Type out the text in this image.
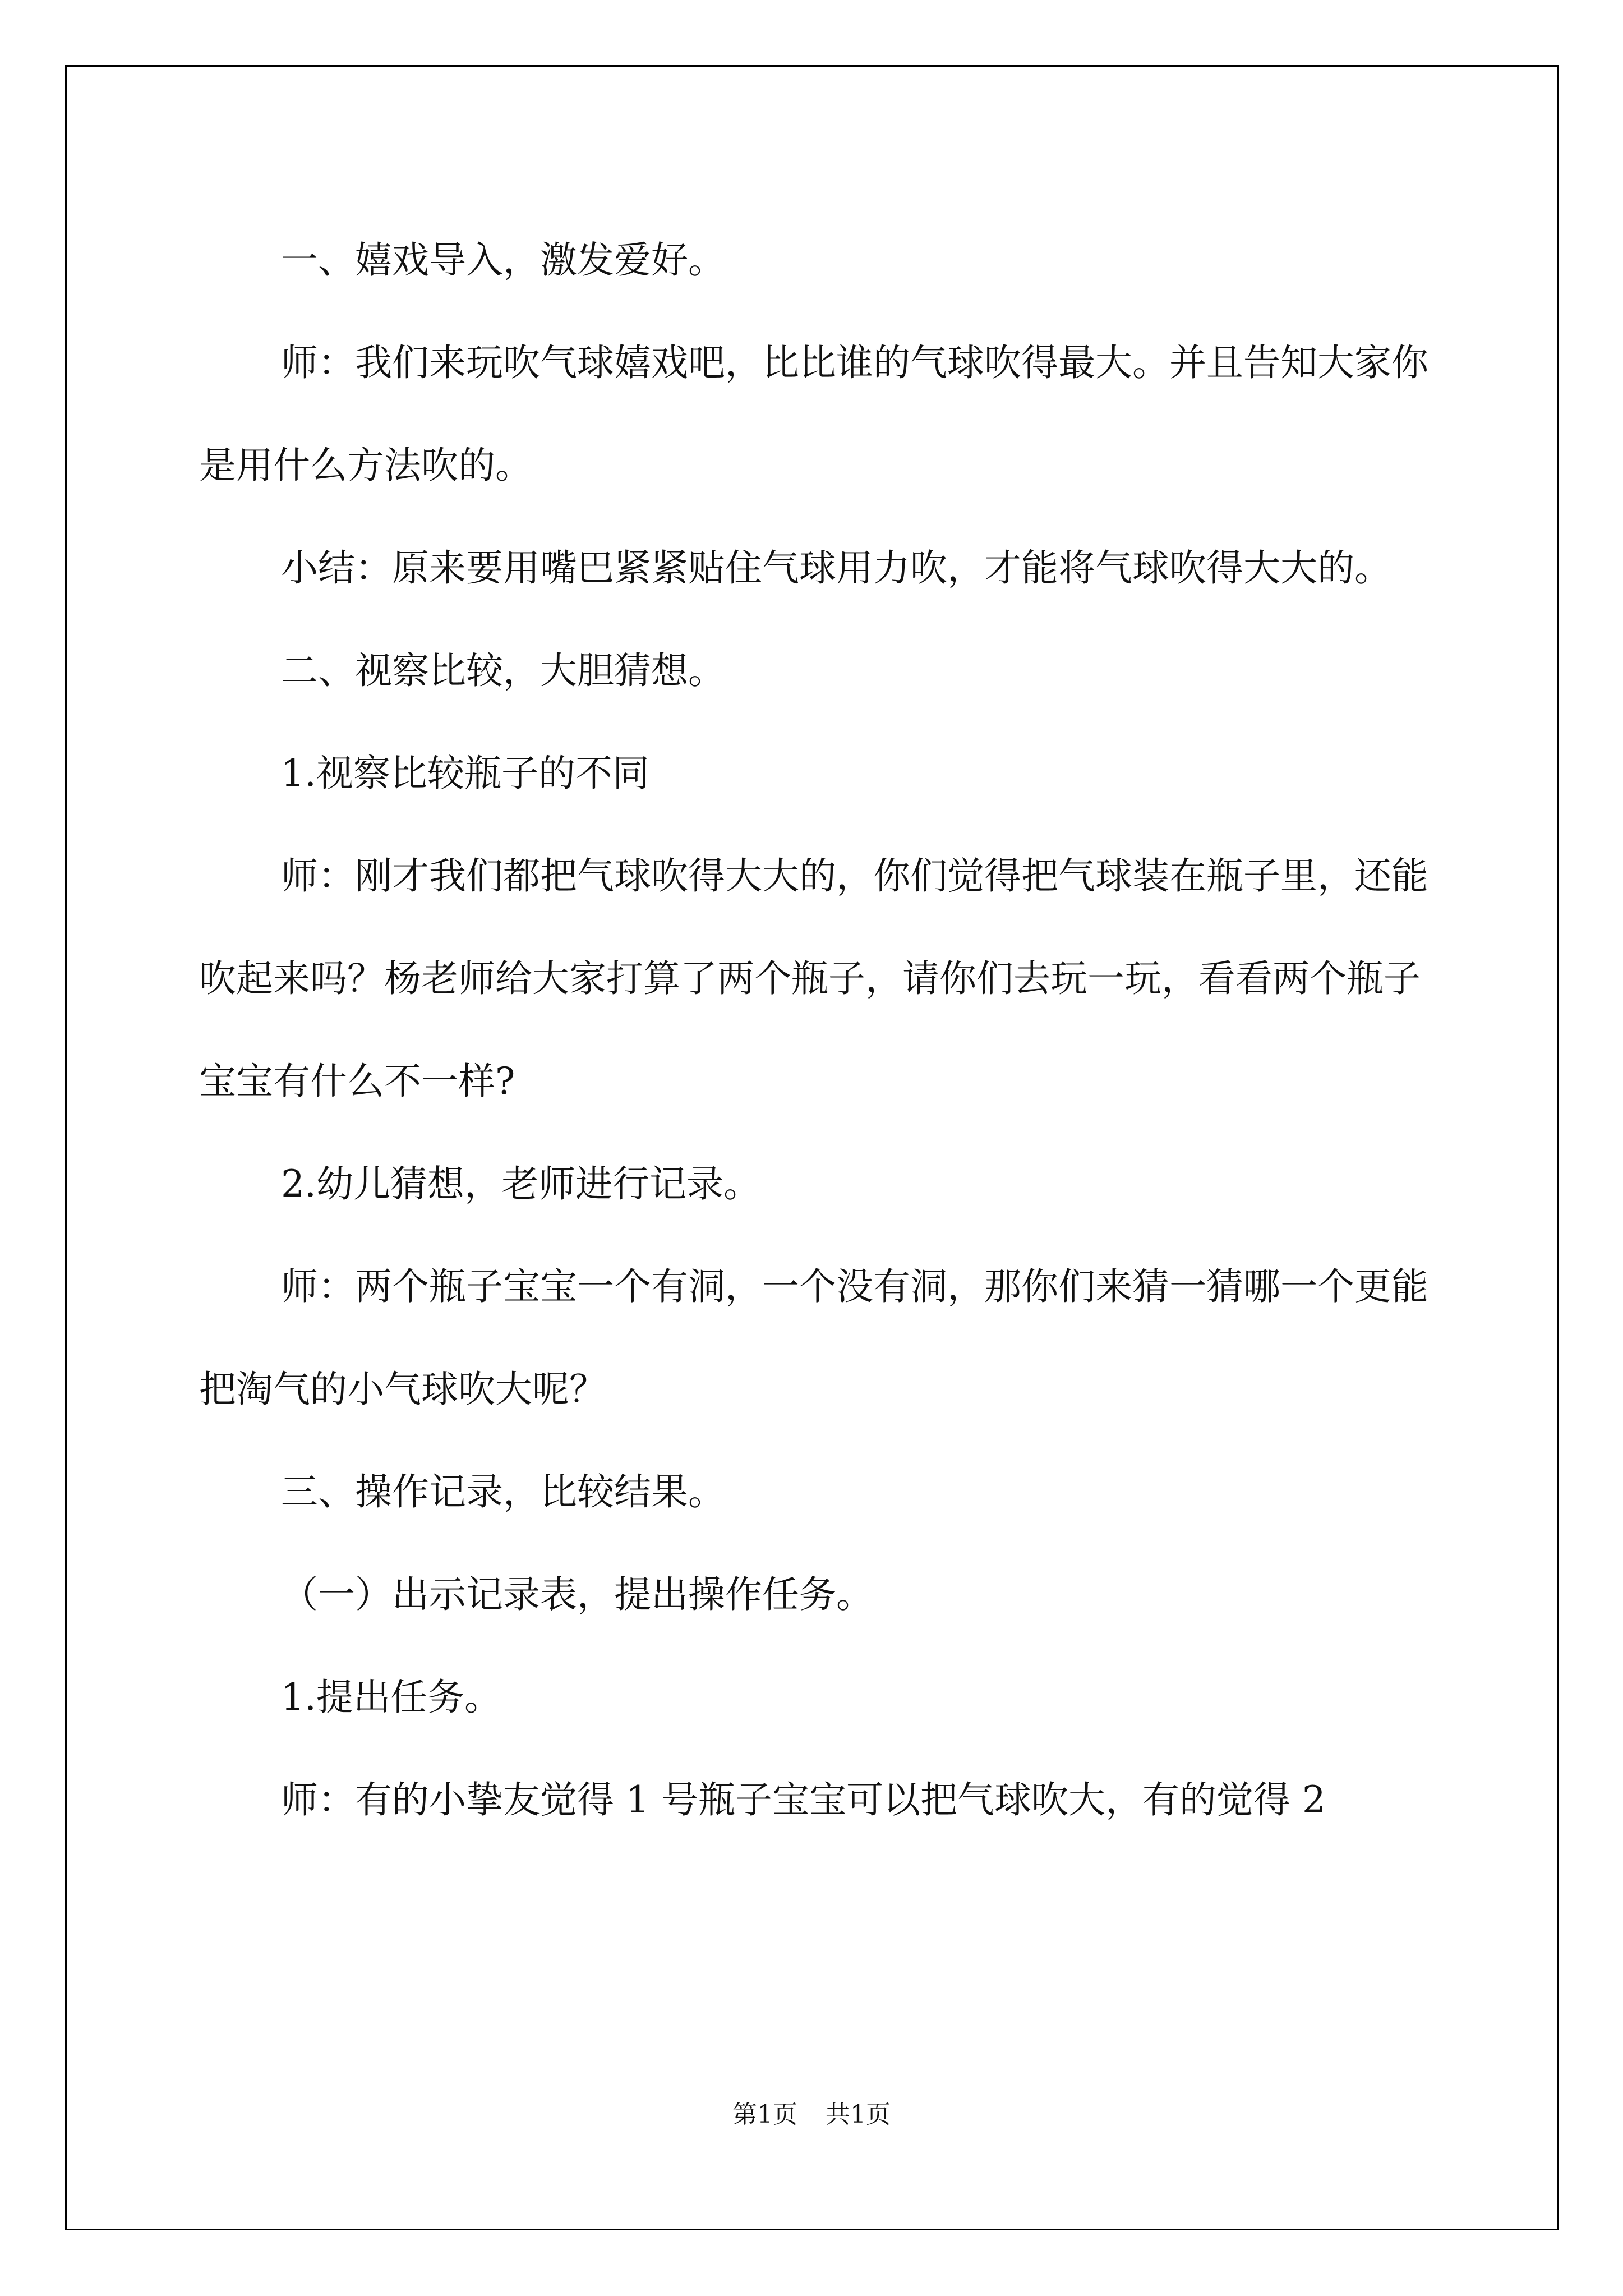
一、嬉戏导入，激发爱好。

师：我们来玩吹气球嬉戏吧，比比谁的气球吹得最大。并且告知大家你是用什么方法吹的。

小结：原来要用嘴巴紧紧贴住气球用力吹，才能将气球吹得大大的。

二、视察比较，大胆猜想。

1.视察比较瓶子的不同

师：刚才我们都把气球吹得大大的，你们觉得把气球装在瓶子里，还能吹起来吗？杨老师给大家打算了两个瓶子，请你们去玩一玩，看看两个瓶子宝宝有什么不一样?

2.幼儿猜想，老师进行记录。

师：两个瓶子宝宝一个有洞，一个没有洞，那你们来猜一猜哪一个更能把淘气的小气球吹大呢？

三、操作记录，比较结果。

（一）出示记录表，提出操作任务。

1.提出任务。

师：有的小挚友觉得 1 号瓶子宝宝可以把气球吹大，有的觉得 2

第1页 共1页
